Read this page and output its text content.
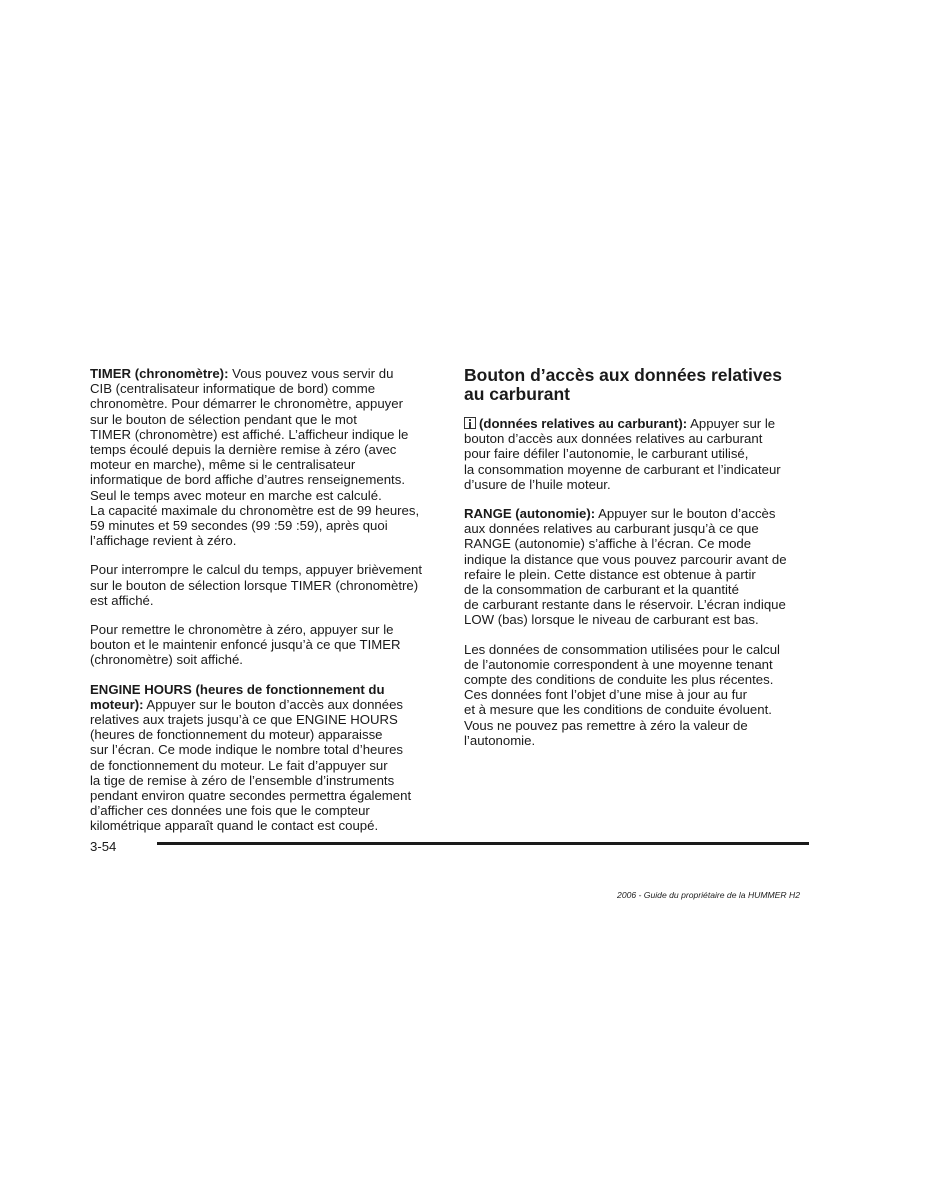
TIMER (chronomètre): Vous pouvez vous servir du
CIB (centralisateur informatique de bord) comme
chronomètre. Pour démarrer le chronomètre, appuyer
sur le bouton de sélection pendant que le mot
TIMER (chronomètre) est affiché. L’afficheur indique le
temps écoulé depuis la dernière remise à zéro (avec
moteur en marche), même si le centralisateur
informatique de bord affiche d’autres renseignements.
Seul le temps avec moteur en marche est calculé.
La capacité maximale du chronomètre est de 99 heures,
59 minutes et 59 secondes (99 :59 :59), après quoi
l’affichage revient à zéro.

Pour interrompre le calcul du temps, appuyer brièvement
sur le bouton de sélection lorsque TIMER (chronomètre)
est affiché.

Pour remettre le chronomètre à zéro, appuyer sur le
bouton et le maintenir enfoncé jusqu’à ce que TIMER
(chronomètre) soit affiché.

ENGINE HOURS (heures de fonctionnement du
moteur): Appuyer sur le bouton d’accès aux données
relatives aux trajets jusqu’à ce que ENGINE HOURS
(heures de fonctionnement du moteur) apparaisse
sur l’écran. Ce mode indique le nombre total d’heures
de fonctionnement du moteur. Le fait d’appuyer sur
la tige de remise à zéro de l’ensemble d’instruments
pendant environ quatre secondes permettra également
d’afficher ces données une fois que le compteur
kilométrique apparaît quand le contact est coupé.

Bouton d’accès aux données relatives
au carburant

(données relatives au carburant): Appuyer sur le
bouton d’accès aux données relatives au carburant
pour faire défiler l’autonomie, le carburant utilisé,
la consommation moyenne de carburant et l’indicateur
d’usure de l’huile moteur.

RANGE (autonomie): Appuyer sur le bouton d’accès
aux données relatives au carburant jusqu’à ce que
RANGE (autonomie) s’affiche à l’écran. Ce mode
indique la distance que vous pouvez parcourir avant de
refaire le plein. Cette distance est obtenue à partir
de la consommation de carburant et la quantité
de carburant restante dans le réservoir. L’écran indique
LOW (bas) lorsque le niveau de carburant est bas.

Les données de consommation utilisées pour le calcul
de l’autonomie correspondent à une moyenne tenant
compte des conditions de conduite les plus récentes.
Ces données font l’objet d’une mise à jour au fur
et à mesure que les conditions de conduite évoluent.
Vous ne pouvez pas remettre à zéro la valeur de
l’autonomie.

3-54
2006 - Guide du propriétaire de la HUMMER H2
